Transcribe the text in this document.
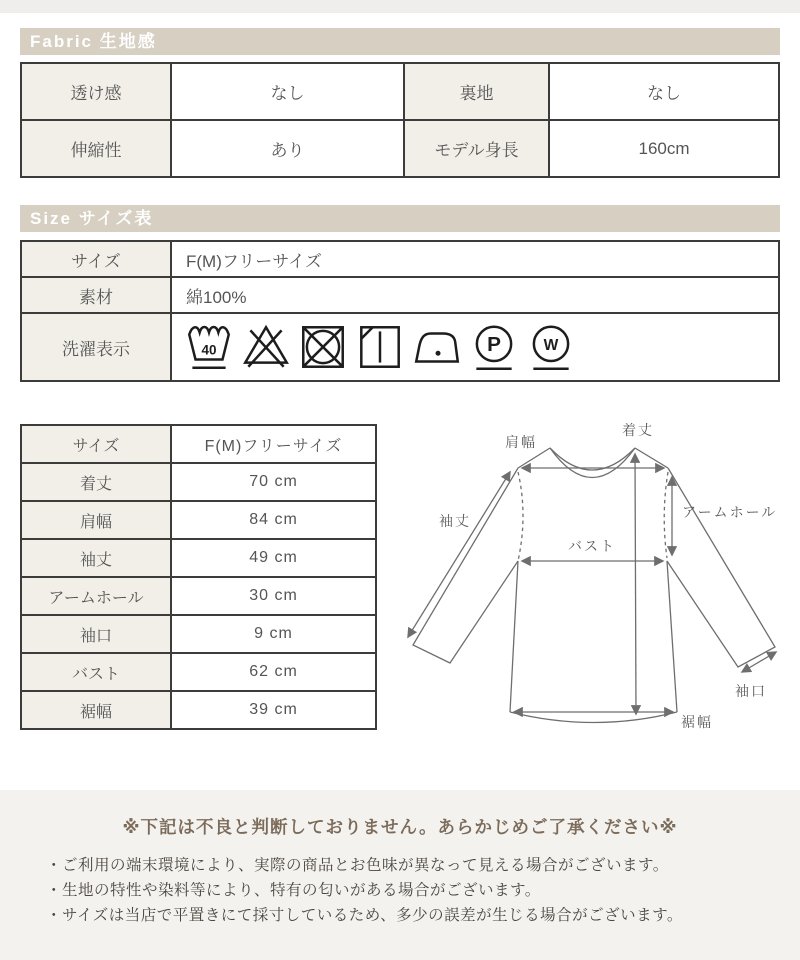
Fabric 生地感
透け感	なし	裏地	なし
伸縮性	あり	モデル身長	160cm
Size サイズ表
サイズ	F(M)フリーサイズ
素材	綿100%
洗濯表示	40 P W
サイズ	F(M)フリーサイズ
着丈	70 cm
肩幅	84 cm
袖丈	49 cm
アームホール	30 cm
袖口	9 cm
バスト	62 cm
裾幅	39 cm
着丈
肩幅
袖丈
アームホール
バスト
袖口
裾幅
※下記は不良と判断しておりません。あらかじめご了承ください※
・ご利用の端末環境により、実際の商品とお色味が異なって見える場合がございます。
・生地の特性や染料等により、特有の匂いがある場合がございます。
・サイズは当店で平置きにて採寸しているため、多少の誤差が生じる場合がございます。
